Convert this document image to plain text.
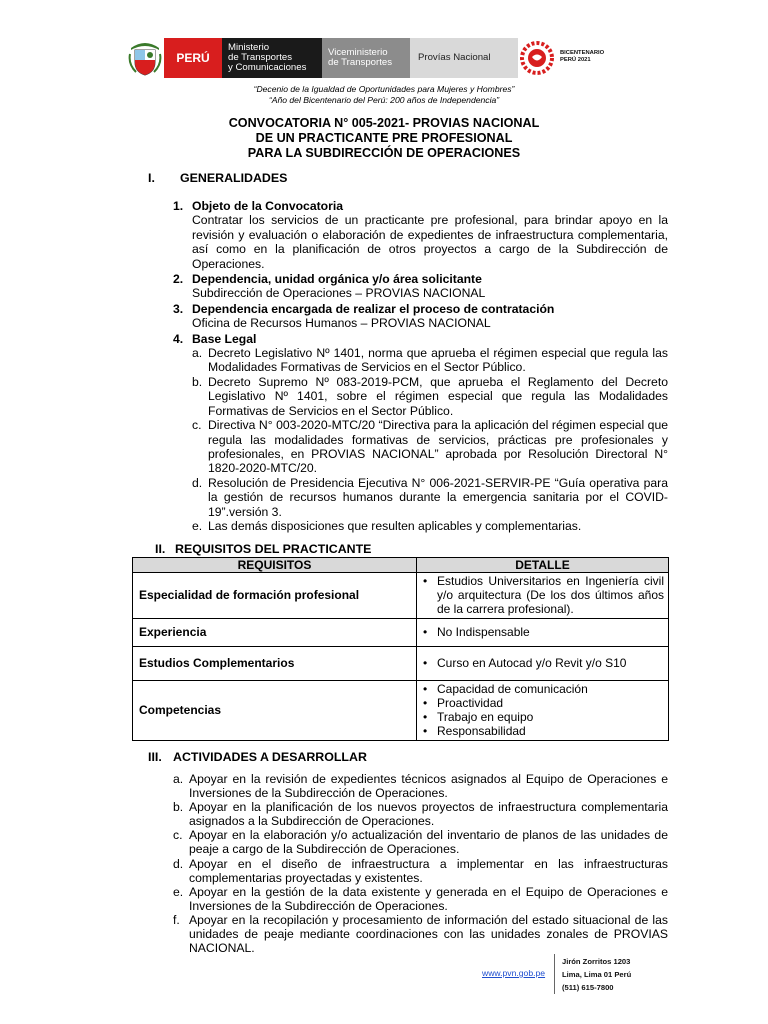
PERÚ
Ministerio
de Transportes
y Comunicaciones
Viceministerio
de Transportes	Provías Nacional	BICENTENARIO
PERÚ 2021
“Decenio de la Igualdad de Oportunidades para Mujeres y Hombres”
“Año del Bicentenario del Perú: 200 años de Independencia”
CONVOCATORIA N° 005-2021- PROVIAS NACIONAL
DE UN PRACTICANTE PRE PROFESIONAL
PARA LA SUBDIRECCIÓN DE OPERACIONES
I. GENERALIDADES
1. Objeto de la Convocatoria
Contratar los servicios de un practicante pre profesional, para brindar apoyo en la revisión y evaluación o elaboración de expedientes de infraestructura complementaria, así como en la planificación de otros proyectos a cargo de la Subdirección de Operaciones.
2. Dependencia, unidad orgánica y/o área solicitante
Subdirección de Operaciones – PROVIAS NACIONAL
3. Dependencia encargada de realizar el proceso de contratación
Oficina de Recursos Humanos – PROVIAS NACIONAL
4. Base Legal
a. Decreto Legislativo Nº 1401, norma que aprueba el régimen especial que regula las Modalidades Formativas de Servicios en el Sector Público.
b. Decreto Supremo Nº 083-2019-PCM, que aprueba el Reglamento del Decreto Legislativo Nº 1401, sobre el régimen especial que regula las Modalidades Formativas de Servicios en el Sector Público.
c. Directiva N° 003-2020-MTC/20 “Directiva para la aplicación del régimen especial que regula las modalidades formativas de servicios, prácticas pre profesionales y profesionales, en PROVIAS NACIONAL” aprobada por Resolución Directoral N° 1820-2020-MTC/20.
d. Resolución de Presidencia Ejecutiva N° 006-2021-SERVIR-PE “Guía operativa para la gestión de recursos humanos durante la emergencia sanitaria por el COVID-19”.versión 3.
e. Las demás disposiciones que resulten aplicables y complementarias.
II. REQUISITOS DEL PRACTICANTE
REQUISITOS	DETALLE
Especialidad de formación profesional	• Estudios Universitarios en Ingeniería civil y/o arquitectura (De los dos últimos años de la carrera profesional).

Experiencia	• No Indispensable

Estudios Complementarios	• Curso en Autocad y/o Revit y/o S10

Competencias	• Capacidad de comunicación
• Proactividad
• Trabajo en equipo
• Responsabilidad
III. ACTIVIDADES A DESARROLLAR
a. Apoyar en la revisión de expedientes técnicos asignados al Equipo de Operaciones e Inversiones de la Subdirección de Operaciones.
b. Apoyar en la planificación de los nuevos proyectos de infraestructura complementaria asignados a la Subdirección de Operaciones.
c. Apoyar en la elaboración y/o actualización del inventario de planos de las unidades de peaje a cargo de la Subdirección de Operaciones.
d. Apoyar en el diseño de infraestructura a implementar en las infraestructuras complementarias proyectadas y existentes.
e. Apoyar en la gestión de la data existente y generada en el Equipo de Operaciones e Inversiones de la Subdirección de Operaciones.
f. Apoyar en la recopilación y procesamiento de información del estado situacional de las unidades de peaje mediante coordinaciones con las unidades zonales de PROVIAS NACIONAL.
www.pvn.gob.pe
Jirón Zorritos 1203
Lima, Lima 01 Perú
(511) 615-7800
